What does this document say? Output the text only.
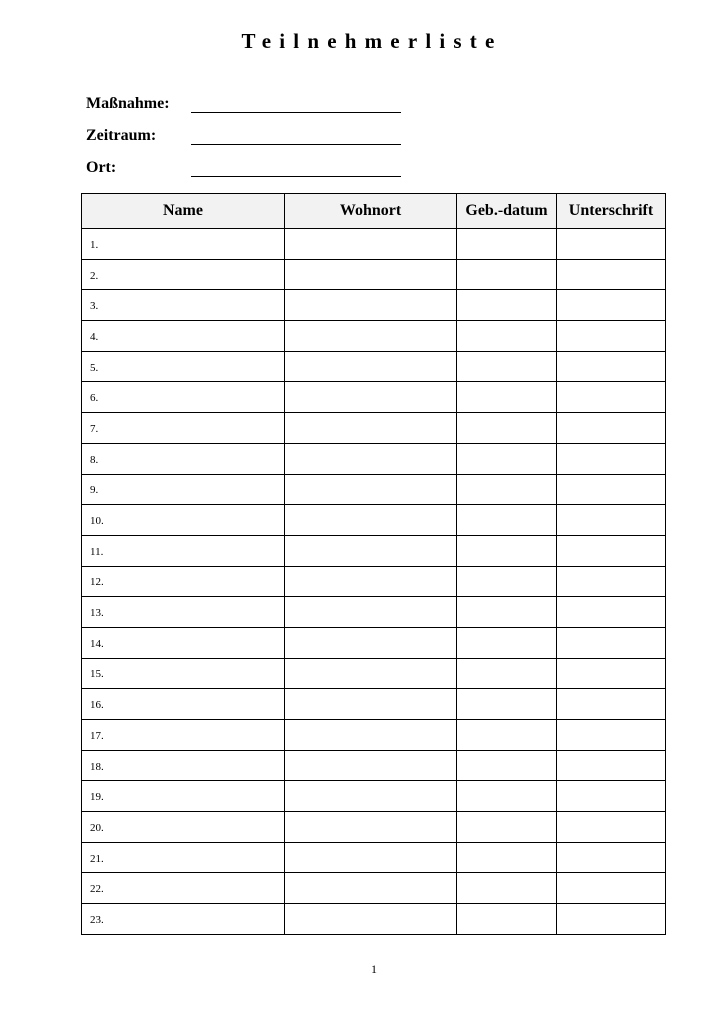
Teilnehmerliste
Maßnahme:
Zeitraum:
Ort:
Name	Wohnort	Geb.-datum	Unterschrift
1.			
2.			
3.			
4.			
5.			
6.			
7.			
8.			
9.			
10.			
11.			
12.			
13.			
14.			
15.			
16.			
17.			
18.			
19.			
20.			
21.			
22.			
23.			
1
